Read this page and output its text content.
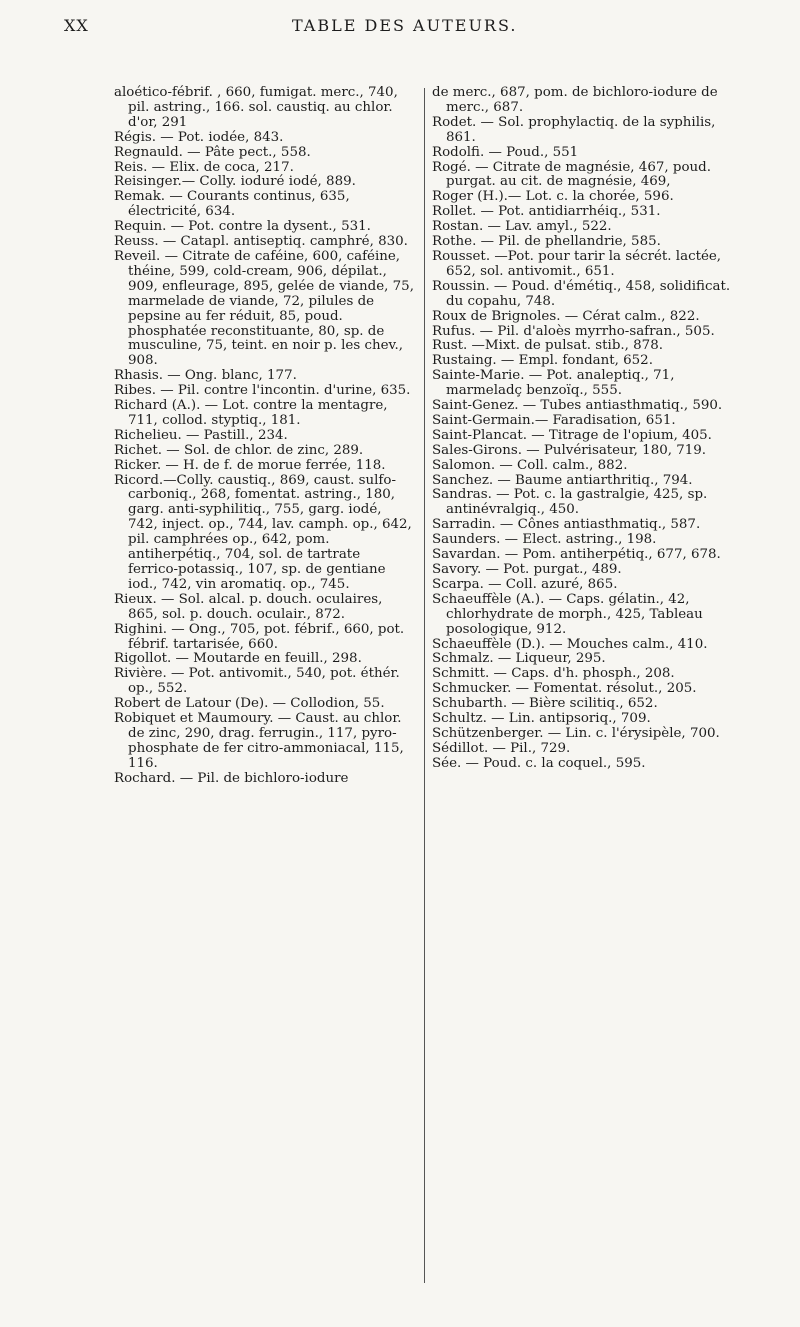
XX	TABLE DES AUTEURS.
aloético-fébrif. , 660, fumigat. merc., 740, pil. astring., 166. sol. caustiq. au chlor. d'or, 291
Régis. — Pot. iodée, 843.
Regnauld. — Pâte pect., 558.
Reis. — Elix. de coca, 217.
Reisinger.— Colly. ioduré iodé, 889.
Remak. — Courants continus, 635, électricité, 634.
Requin. — Pot. contre la dysent., 531.
Reuss. — Catapl. antiseptiq. camphré, 830.
Reveil. — Citrate de caféine, 600, caféine, théine, 599, cold-cream, 906, dépilat., 909, enfleurage, 895, gelée de viande, 75, marmelade de viande, 72, pilules de pepsine au fer réduit, 85, poud. phosphatée reconstituante, 80, sp. de musculine, 75, teint. en noir p. les chev., 908.
Rhasis. — Ong. blanc, 177.
Ribes. — Pil. contre l'incontin. d'urine, 635.
Richard (A.). — Lot. contre la mentagre, 711, collod. styptiq., 181.
Richelieu. — Pastill., 234.
Richet. — Sol. de chlor. de zinc, 289.
Ricker. — H. de f. de morue ferrée, 118.
Ricord.—Colly. caustiq., 869, caust. sulfo-carboniq., 268, fomentat. astring., 180, garg. anti-syphilitiq., 755, garg. iodé, 742, inject. op., 744, lav. camph. op., 642, pil. camphrées op., 642, pom. antiherpétiq., 704, sol. de tartrate ferrico-potassiq., 107, sp. de gentiane iod., 742, vin aromatiq. op., 745.
Rieux. — Sol. alcal. p. douch. oculaires, 865, sol. p. douch. oculair., 872.
Righini. — Ong., 705, pot. fébrif., 660, pot. fébrif. tartarisée, 660.
Rigollot. — Moutarde en feuill., 298.
Rivière. — Pot. antivomit., 540, pot. éthér. op., 552.
Robert de Latour (De). — Collodion, 55.
Robiquet et Maumoury. — Caust. au chlor. de zinc, 290, drag. ferrugin., 117, pyro-phosphate de fer citro-ammoniacal, 115, 116.
Rochard. — Pil. de bichloro-iodure
de merc., 687, pom. de bichloro-iodure de merc., 687.
Rodet. — Sol. prophylactiq. de la syphilis, 861.
Rodolfi. — Poud., 551
Rogé. — Citrate de magnésie, 467, poud. purgat. au cit. de magnésie, 469,
Roger (H.).— Lot. c. la chorée, 596.
Rollet. — Pot. antidiarrhéiq., 531.
Rostan. — Lav. amyl., 522.
Rothe. — Pil. de phellandrie, 585.
Rousset. —Pot. pour tarir la sécrét. lactée, 652, sol. antivomit., 651.
Roussin. — Poud. d'émétiq., 458, solidificat. du copahu, 748.
Roux de Brignoles. — Cérat calm., 822.
Rufus. — Pil. d'aloès myrrho-safran., 505.
Rust. —Mixt. de pulsat. stib., 878.
Rustaing. — Empl. fondant, 652.
Sainte-Marie. — Pot. analeptiq., 71, marmeladç benzoïq., 555.
Saint-Genez. — Tubes antiasthmatiq., 590.
Saint-Germain.— Faradisation, 651.
Saint-Plancat. — Titrage de l'opium, 405.
Sales-Girons. — Pulvérisateur, 180, 719.
Salomon. — Coll. calm., 882.
Sanchez. — Baume antiarthritiq., 794.
Sandras. — Pot. c. la gastralgie, 425, sp. antinévralgiq., 450.
Sarradin. — Cônes antiasthmatiq., 587.
Saunders. — Elect. astring., 198.
Savardan. — Pom. antiherpétiq., 677, 678.
Savory. — Pot. purgat., 489.
Scarpa. — Coll. azuré, 865.
Schaeuffèle (A.). — Caps. gélatin., 42, chlorhydrate de morph., 425, Tableau posologique, 912.
Schaeuffèle (D.). — Mouches calm., 410.
Schmalz. — Liqueur, 295.
Schmitt. — Caps. d'h. phosph., 208.
Schmucker. — Fomentat. résolut., 205.
Schubarth. — Bière scilitiq., 652.
Schultz. — Lin. antipsoriq., 709.
Schützenberger. — Lin. c. l'érysipèle, 700.
Sédillot. — Pil., 729.
Sée. — Poud. c. la coquel., 595.
